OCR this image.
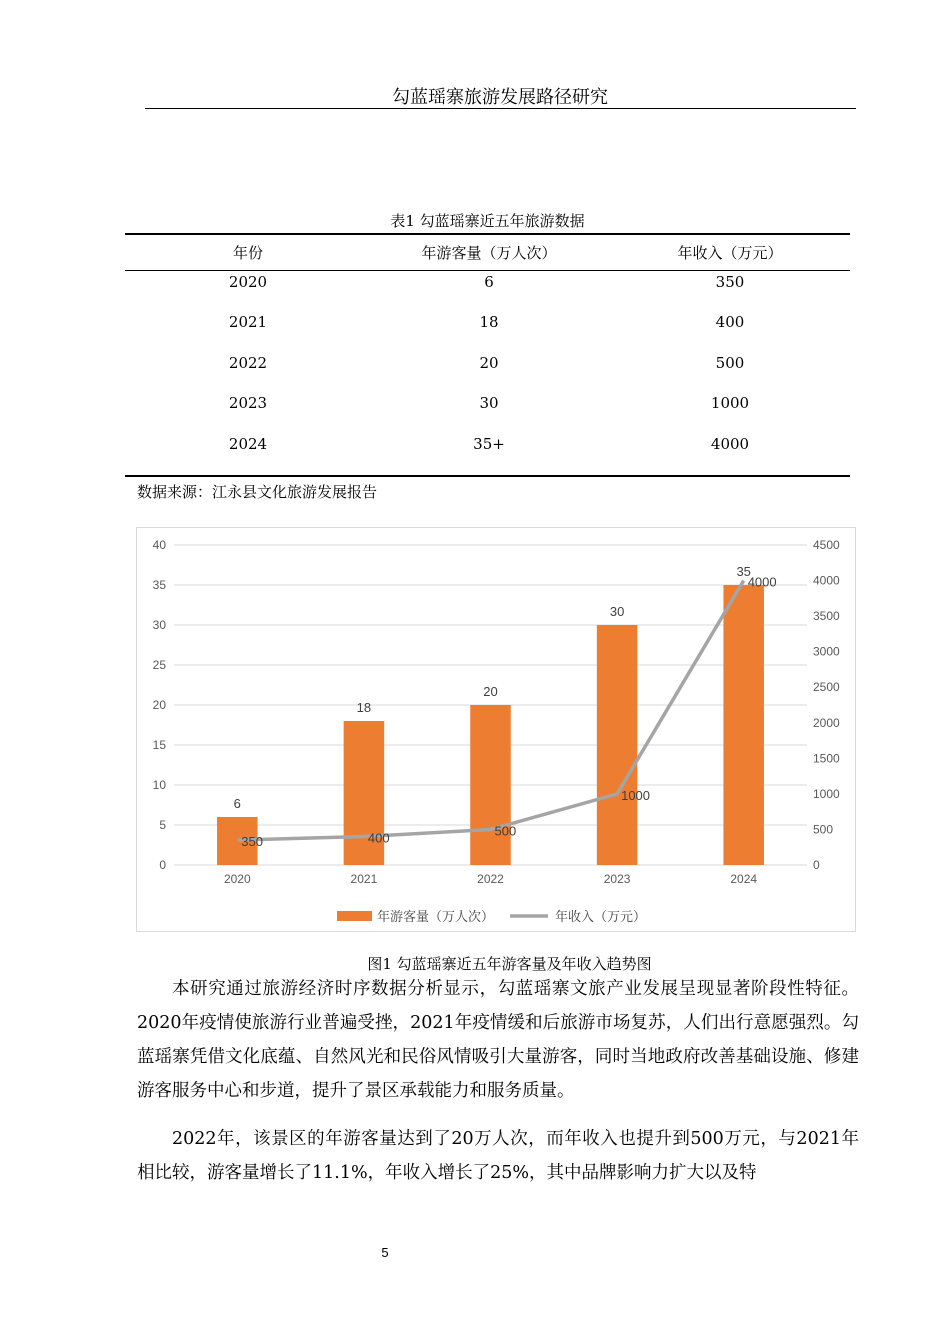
勾蓝瑶寨旅游发展路径研究
表1 勾蓝瑶寨近五年旅游数据
年份	年游客量（万人次）	年收入（万元）
2020	6	350
2021	18	400
2022	20	500
2023	30	1000
2024	35+	4000
数据来源：江永县文化旅游发展报告
0
5
10
15
20
25
30
35
40
0
500
1000
1500
2000
2500
3000
3500
4000
4500
6
18
20
30
35
2020	2021	2022	2023	2024
350	400	500
1000
4000
年游客量（万人次）	年收入（万元）
图1 勾蓝瑶寨近五年游客量及年收入趋势图
本研究通过旅游经济时序数据分析显示，勾蓝瑶寨文旅产业发展呈现显著阶段性特征。2020年疫情使旅游行业普遍受挫，2021年疫情缓和后旅游市场复苏，人们出行意愿强烈。勾蓝瑶寨凭借文化底蕴、自然风光和民俗风情吸引大量游客，同时当地政府改善基础设施、修建游客服务中心和步道，提升了景区承载能力和服务质量。
2022年，该景区的年游客量达到了20万人次，而年收入也提升到500万元，与2021年相比较，游客量增长了11.1%，年收入增长了25%，其中品牌影响力扩大以及特
5
